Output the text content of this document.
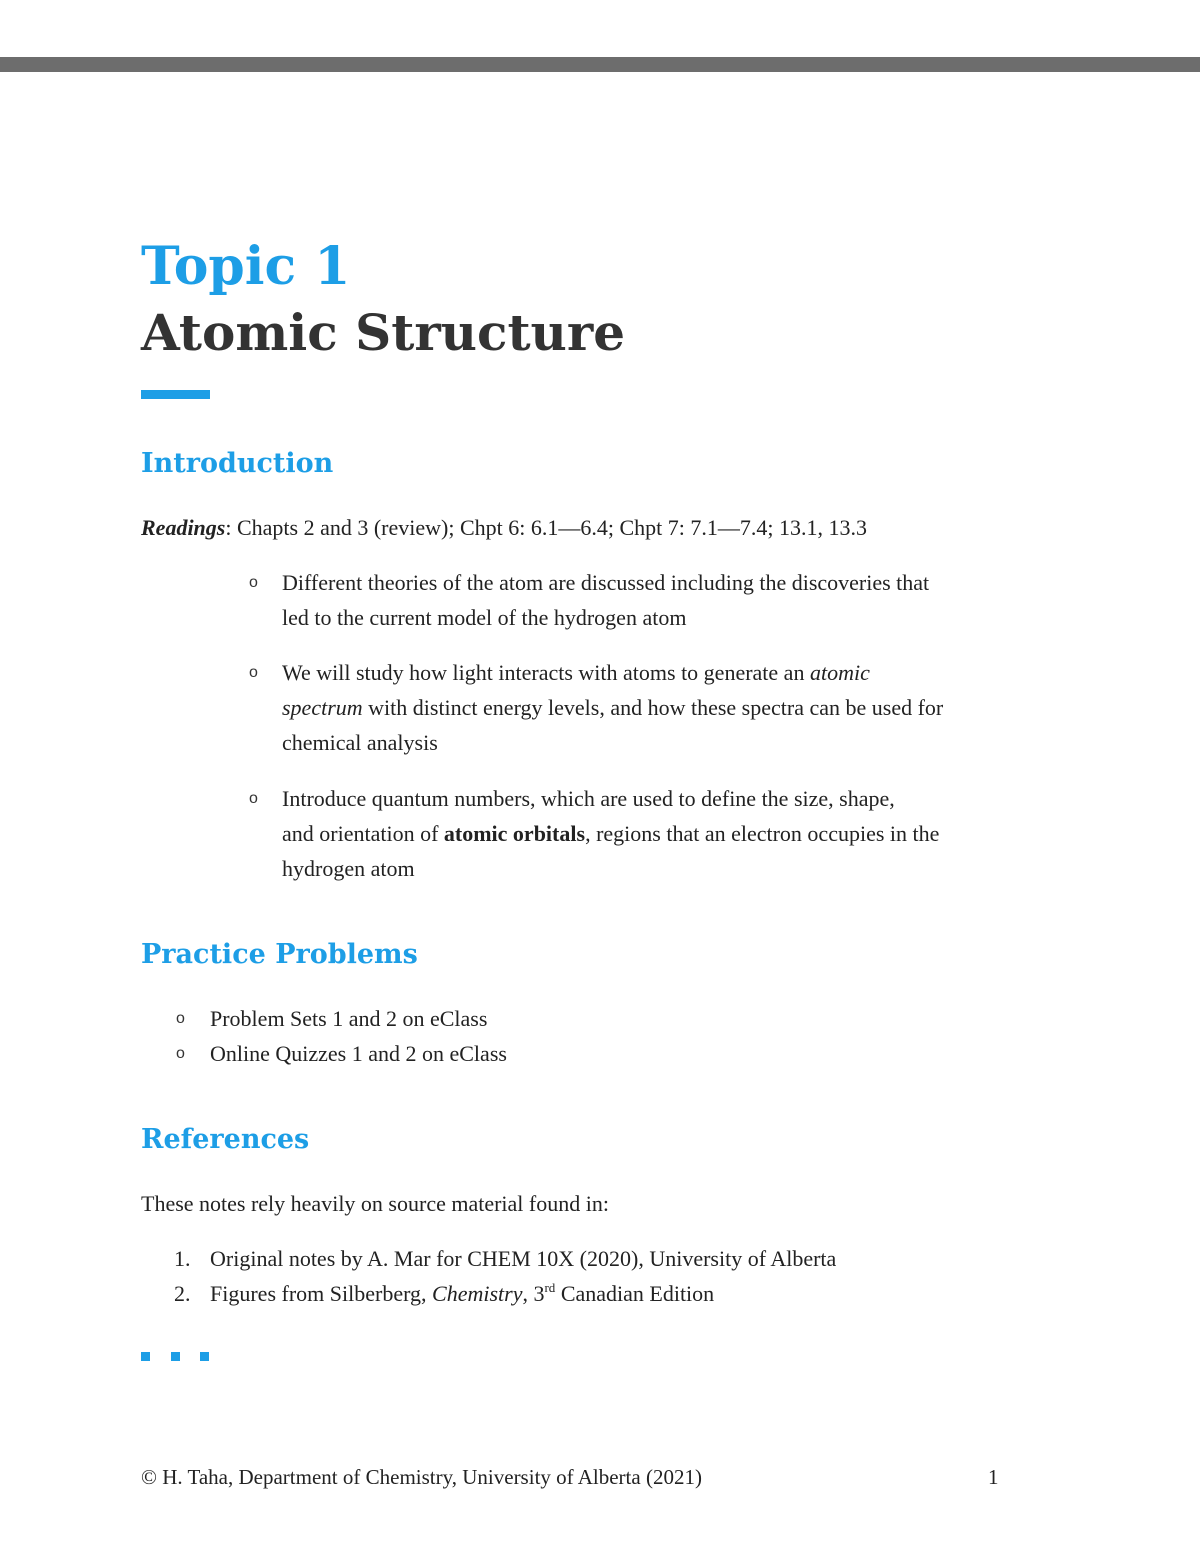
Topic 1
Atomic Structure
Introduction
Readings: Chapts 2 and 3 (review); Chpt 6: 6.1—6.4; Chpt 7: 7.1—7.4; 13.1, 13.3
o Different theories of the atom are discussed including the discoveries that
led to the current model of the hydrogen atom
o We will study how light interacts with atoms to generate an atomic
spectrum with distinct energy levels, and how these spectra can be used for
chemical analysis
o Introduce quantum numbers, which are used to define the size, shape,
and orientation of atomic orbitals, regions that an electron occupies in the
hydrogen atom
Practice Problems
o Problem Sets 1 and 2 on eClass
o Online Quizzes 1 and 2 on eClass
References
These notes rely heavily on source material found in:
1. Original notes by A. Mar for CHEM 10X (2020), University of Alberta
2. Figures from Silberberg, Chemistry, 3rd Canadian Edition
© H. Taha, Department of Chemistry, University of Alberta (2021)	1
